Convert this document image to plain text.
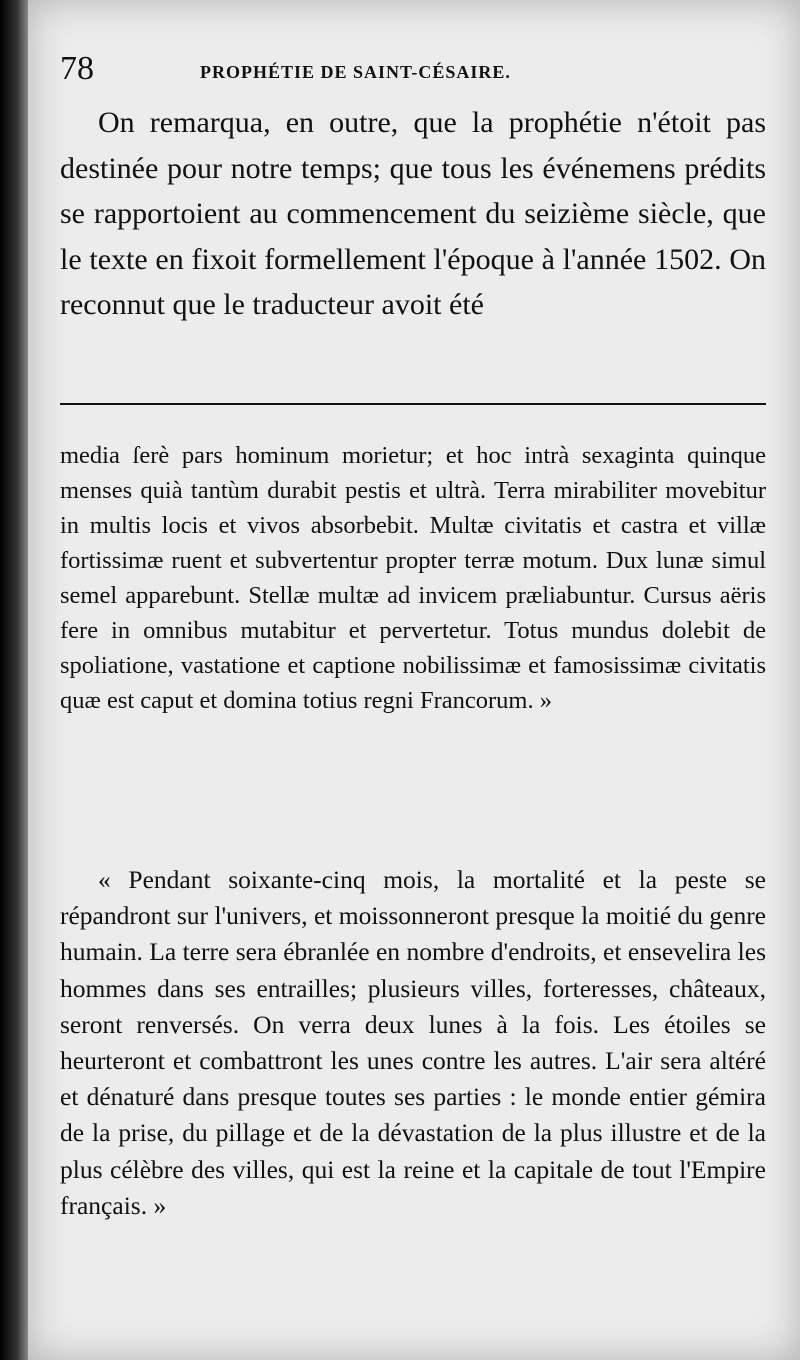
78	PROPHÉTIE DE SAINT-CÉSAIRE.

On remarqua, en outre, que la prophétie n'étoit pas destinée pour notre temps; que tous les événemens prédits se rapportoient au commencement du seizième siècle, que le texte en fixoit formellement l'époque à l'année 1502. On reconnut que le traducteur avoit été

media ſerè pars hominum morietur; et hoc intrà sexaginta quinque menses quià tantùm durabit pestis et ultrà. Terra mirabiliter movebitur in multis locis et vivos absorbebit. Multæ civitatis et castra et villæ fortissimæ ruent et subvertentur propter terræ motum. Dux lunæ simul semel apparebunt. Stellæ multæ ad invicem præliabuntur. Cursus aëris fere in omnibus mutabitur et pervertetur. Totus mundus dolebit de spoliatione, vastatione et captione nobilissimæ et famosissimæ civitatis quæ est caput et domina totius regni Francorum. »

« Pendant soixante-cinq mois, la mortalité et la peste se répandront sur l'univers, et moissonneront presque la moitié du genre humain. La terre sera ébranlée en nombre d'endroits, et ensevelira les hommes dans ses entrailles; plusieurs villes, forteresses, châteaux, seront renversés. On verra deux lunes à la fois. Les étoiles se heurteront et combattront les unes contre les autres. L'air sera altéré et dénaturé dans presque toutes ses parties : le monde entier gémira de la prise, du pillage et de la dévastation de la plus illustre et de la plus célèbre des villes, qui est la reine et la capitale de tout l'Empire français. »
